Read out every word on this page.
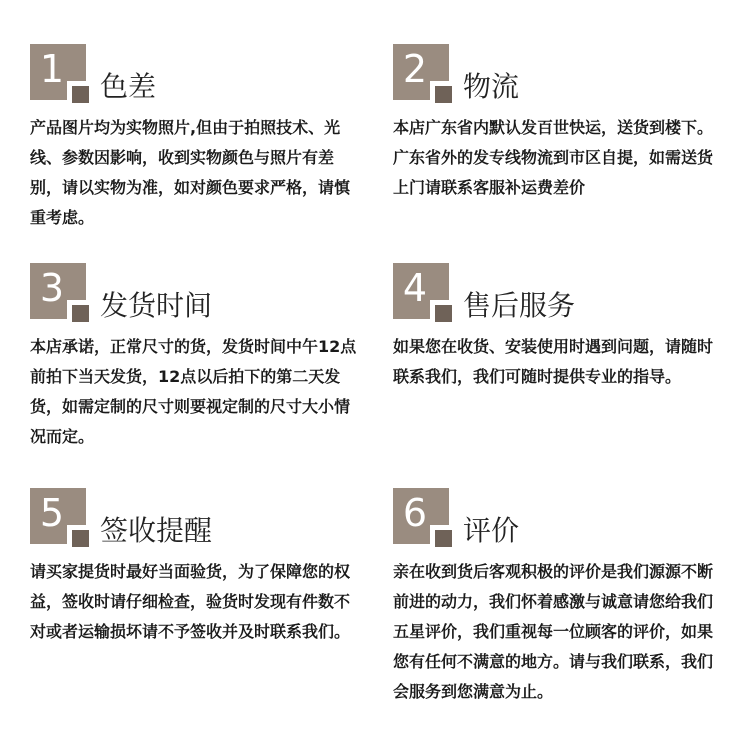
1	色差

产品图片均为实物照片,但由于拍照技术、光线、参数因影响，收到实物颜色与照片有差别，请以实物为准，如对颜色要求严格，请慎重考虑。

2	物流

本店广东省内默认发百世快运，送货到楼下。

广东省外的发专线物流到市区自提，如需送货上门请联系客服补运费差价

3	发货时间

本店承诺，正常尺寸的货，发货时间中午12点 前拍下当天发货，12点以后拍下的第二天发货，如需定制的尺寸则要视定制的尺寸大小情况而定。

4	售后服务

如果您在收货、安装使用时遇到问题，请随时联系我们，我们可随时提供专业的指导。

5	签收提醒

请买家提货时最好当面验货，为了保障您的权益，签收时请仔细检查，验货时发现有件数不对或者运输损坏请不予签收并及时联系我们。

6	评价

亲在收到货后客观积极的评价是我们源源不断前进的动力，我们怀着感激与诚意请您给我们五星评价，我们重视每一位顾客的评价，如果您有任何不满意的地方。请与我们联系，我们会服务到您满意为止。
